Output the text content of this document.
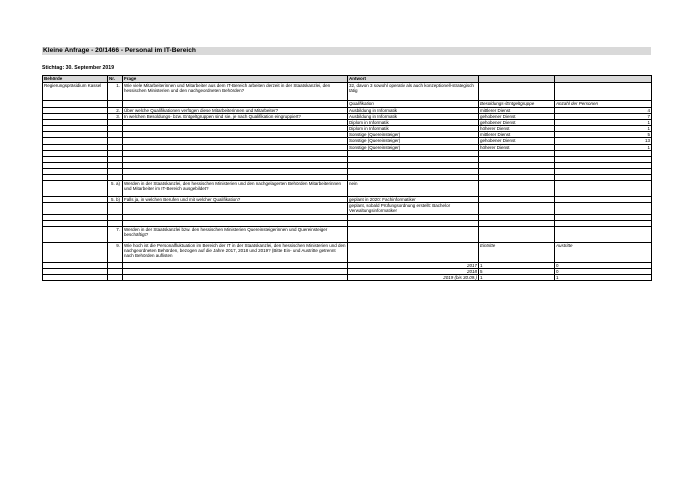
Kleine Anfrage - 20/1466 - Personal im IT-Bereich
Stichtag: 30. September 2019
Behörde	Nr.	Frage	Antwort		
Regierungspräsidium Kassel	1.	Wie viele Mitarbeiterinnen und Mitarbeiter aus dem IT-Bereich arbeiten derzeit in der Staatskanzlei, den hessischen Ministerien und den nachgeordneten Behörden?	32, davon 3 sowohl operativ als auch konzeptionell-strategisch tätig		
			Qualifikation	Besoldungs-/Entgeltgruppe	Anzahl der Personen
	2.	Über welche Qualifikationen verfügen diese Mitarbeiterinnen und Mitarbeiter?	Ausbildung in Informatik	mittlerer Dienst	4
	3.	In welchen Besoldungs- bzw. Entgeltgruppen sind sie, je nach Qualifikation eingruppiert?	Ausbildung in Informatik	gehobener Dienst	7
			Diplom in Informatik	gehobener Dienst	1
			Diplom in Informatik	höherer Dienst	1
			Sonstige (Quereinsteiger)	mittlerer Dienst	5
			Sonstige (Quereinsteiger)	gehobener Dienst	13
			Sonstige (Quereinsteiger)	höherer Dienst	1

	5. a)	Werden in der Staatskanzlei, den hessischen Ministerien und den nachgelagerten Behörden Mitarbeiterinnen und Mitarbeiter im IT-Bereich ausgebildet?	nein		
	5. b)	Falls ja, in welchen Berufen und mit welcher Qualifikation?	geplant in 2020: Fachinformatiker		
			geplant, sobald Prüfungsordnung erstellt: Bachelor Verwaltungsinformatiker		

	7.	Werden in der Staatskanzlei bzw. den hessischen Ministerien Quereinsteigerinnen und Quereinsteiger beschäftigt?			
	9.	Wie hoch ist die Personalfluktuation im Bereich der IT in der Staatskanzlei, den hessischen Ministerien und den nachgeordneten Behörden, bezogen auf die Jahre 2017, 2018 und 2019? (Bitte Ein- und Austritte getrennt nach Behörden auflisten		Eintritte	Austritte
			2017	1	0
			2018	5	0
			2019 (bis 30.09.)	1	1
